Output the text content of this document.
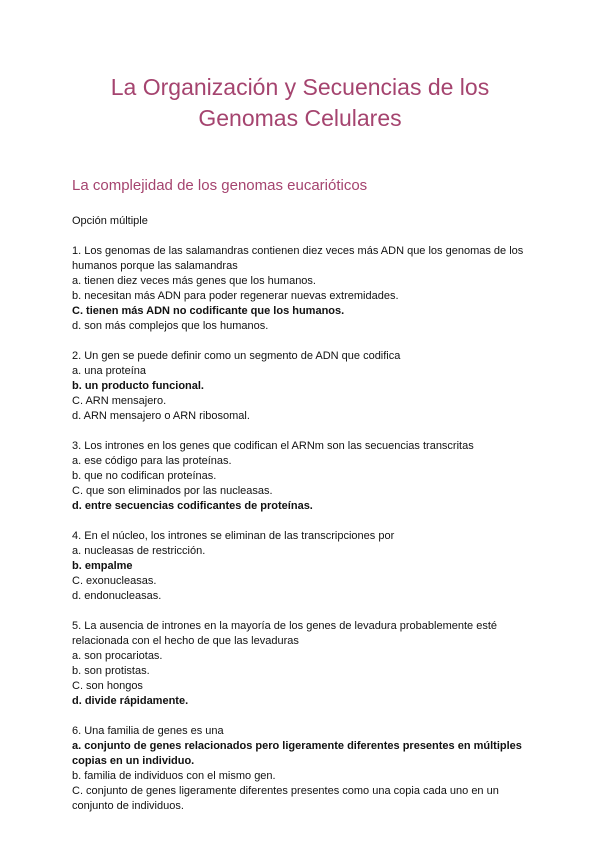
La Organización y Secuencias de los
Genomas Celulares
La complejidad de los genomas eucarióticos
Opción múltiple
1. Los genomas de las salamandras contienen diez veces más ADN que los genomas de los humanos porque las salamandras
a. tienen diez veces más genes que los humanos.
b. necesitan más ADN para poder regenerar nuevas extremidades.
C. tienen más ADN no codificante que los humanos.
d. son más complejos que los humanos.
2. Un gen se puede definir como un segmento de ADN que codifica
a. una proteína
b. un producto funcional.
C. ARN mensajero.
d. ARN mensajero o ARN ribosomal.
3. Los intrones en los genes que codifican el ARNm son las secuencias transcritas
a. ese código para las proteínas.
b. que no codifican proteínas.
C. que son eliminados por las nucleasas.
d. entre secuencias codificantes de proteínas.
4. En el núcleo, los intrones se eliminan de las transcripciones por
a. nucleasas de restricción.
b. empalme
C. exonucleasas.
d. endonucleasas.
5. La ausencia de intrones en la mayoría de los genes de levadura probablemente esté relacionada con el hecho de que las levaduras
a. son procariotas.
b. son protistas.
C. son hongos
d. divide rápidamente.
6. Una familia de genes es una
a. conjunto de genes relacionados pero ligeramente diferentes presentes en múltiples copias en un individuo.
b. familia de individuos con el mismo gen.
C. conjunto de genes ligeramente diferentes presentes como una copia cada uno en un conjunto de individuos.
